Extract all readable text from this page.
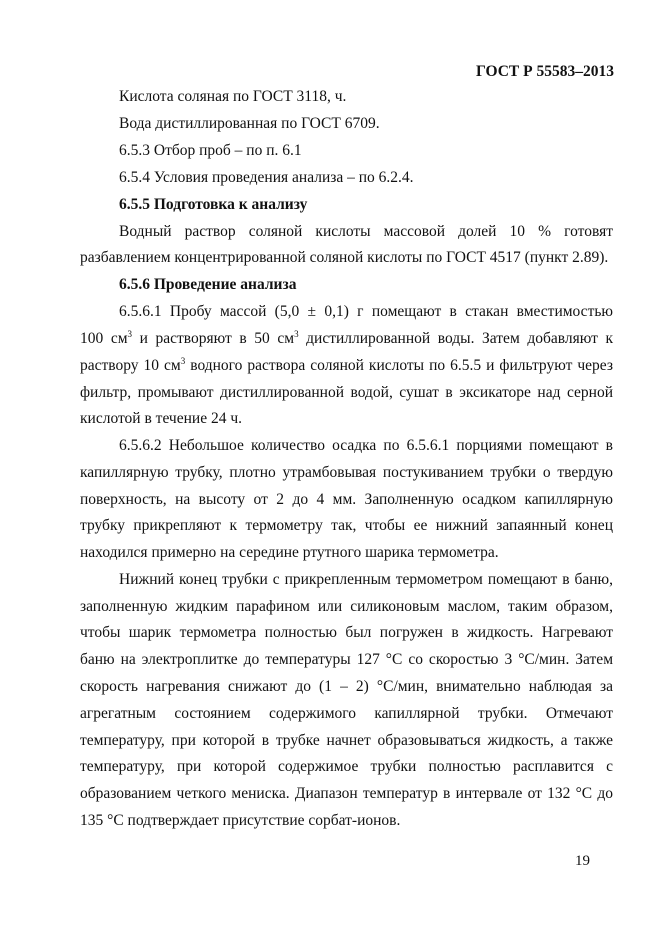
ГОСТ Р 55583–2013
Кислота соляная по ГОСТ 3118, ч.
Вода дистиллированная по ГОСТ 6709.
6.5.3 Отбор проб – по п. 6.1
6.5.4 Условия проведения анализа – по 6.2.4.
6.5.5 Подготовка к анализу
Водный раствор соляной кислоты массовой долей 10 % готовят
разбавлением концентрированной соляной кислоты по ГОСТ 4517 (пункт 2.89).
6.5.6 Проведение анализа
6.5.6.1 Пробу массой (5,0 ± 0,1) г помещают в стакан вместимостью
100 $см^3$ и растворяют в 50 $см^3$ дистиллированной воды. Затем добавляют к
раствору 10 $см^3$ водного раствора соляной кислоты по 6.5.5 и фильтруют через
фильтр, промывают дистиллированной водой, сушат в эксикаторе над серной
кислотой в течение 24 ч.
6.5.6.2 Небольшое количество осадка по 6.5.6.1 порциями помещают в
капиллярную трубку, плотно утрамбовывая постукиванием трубки о твердую
поверхность, на высоту от 2 до 4 мм. Заполненную осадком капиллярную
трубку прикрепляют к термометру так, чтобы ее нижний запаянный конец
находился примерно на середине ртутного шарика термометра.
Нижний конец трубки с прикрепленным термометром помещают в баню,
заполненную жидким парафином или силиконовым маслом, таким образом,
чтобы шарик термометра полностью был погружен в жидкость. Нагревают
баню на электроплитке до температуры 127 °С со скоростью 3 °С/мин. Затем
скорость нагревания снижают до (1 – 2) °С/мин, внимательно наблюдая за
агрегатным состоянием содержимого капиллярной трубки. Отмечают
температуру, при которой в трубке начнет образовываться жидкость, а также
температуру, при которой содержимое трубки полностью расплавится с
образованием четкого мениска. Диапазон температур в интервале от 132 °С до
135 °С подтверждает присутствие сорбат-ионов.
19
